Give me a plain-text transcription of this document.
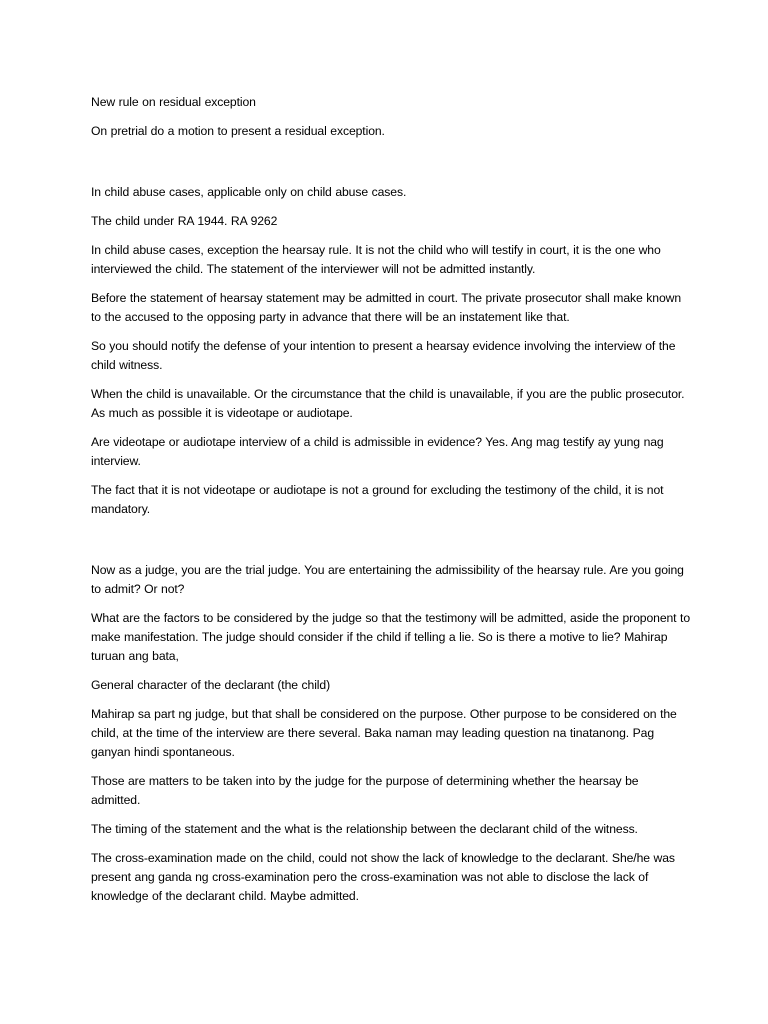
New rule on residual exception

On pretrial do a motion to present a residual exception.

In child abuse cases, applicable only on child abuse cases.

The child under RA 1944. RA 9262

In child abuse cases, exception the hearsay rule. It is not the child who will testify in court, it is the one who interviewed the child. The statement of the interviewer will not be admitted instantly.

Before the statement of hearsay statement may be admitted in court. The private prosecutor shall make known to the accused to the opposing party in advance that there will be an instatement like that.

So you should notify the defense of your intention to present a hearsay evidence involving the interview of the child witness.

When the child is unavailable. Or the circumstance that the child is unavailable, if you are the public prosecutor. As much as possible it is videotape or audiotape.

Are videotape or audiotape interview of a child is admissible in evidence? Yes. Ang mag testify ay yung nag interview.

The fact that it is not videotape or audiotape is not a ground for excluding the testimony of the child, it is not mandatory.

Now as a judge, you are the trial judge. You are entertaining the admissibility of the hearsay rule. Are you going to admit? Or not?

What are the factors to be considered by the judge so that the testimony will be admitted, aside the proponent to make manifestation. The judge should consider if the child if telling a lie. So is there a motive to lie? Mahirap turuan ang bata,

General character of the declarant (the child)

Mahirap sa part ng judge, but that shall be considered on the purpose. Other purpose to be considered on the child, at the time of the interview are there several. Baka naman may leading question na tinatanong. Pag ganyan hindi spontaneous.

Those are matters to be taken into by the judge for the purpose of determining whether the hearsay be admitted.

The timing of the statement and the what is the relationship between the declarant child of the witness.

The cross-examination made on the child, could not show the lack of knowledge to the declarant. She/he was present ang ganda ng cross-examination pero the cross-examination was not able to disclose the lack of knowledge of the declarant child. Maybe admitted.
